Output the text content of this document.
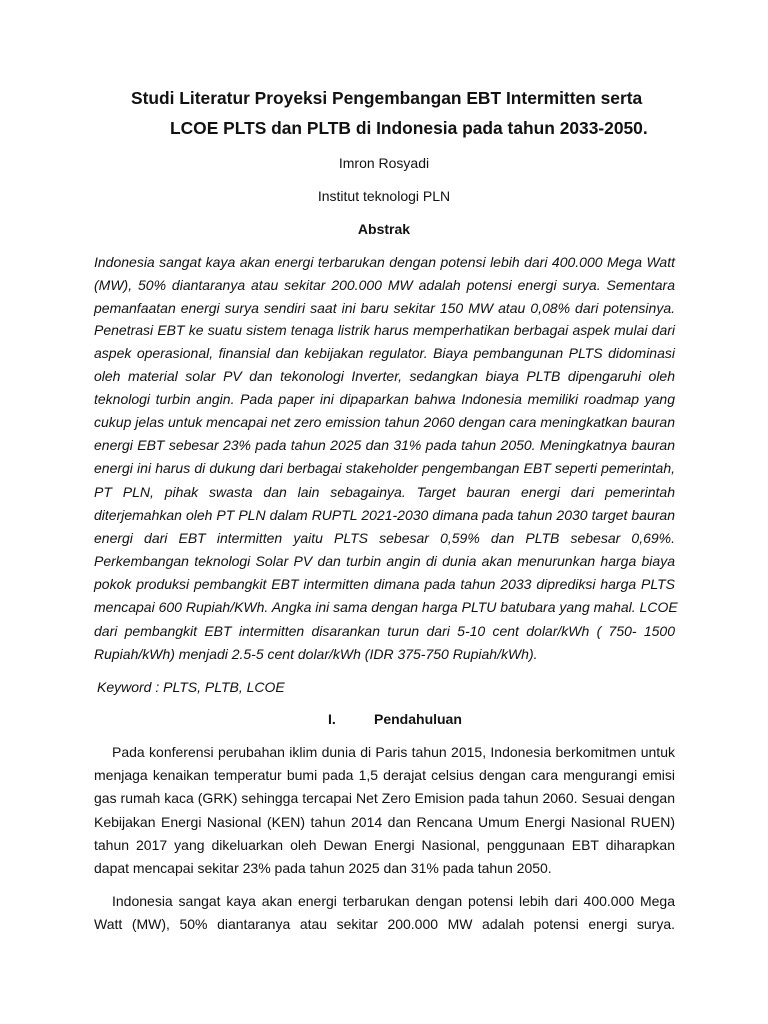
Studi Literatur Proyeksi Pengembangan EBT Intermitten serta
LCOE PLTS dan PLTB di Indonesia pada tahun 2033-2050.
Imron Rosyadi
Institut teknologi PLN
Abstrak
Indonesia sangat kaya akan energi terbarukan dengan potensi lebih dari 400.000 Mega Watt
(MW), 50% diantaranya atau sekitar 200.000 MW adalah potensi energi surya. Sementara
pemanfaatan energi surya sendiri saat ini baru sekitar 150 MW atau 0,08% dari potensinya.
Penetrasi EBT ke suatu sistem tenaga listrik harus memperhatikan berbagai aspek mulai dari
aspek operasional, finansial dan kebijakan regulator. Biaya pembangunan PLTS didominasi
oleh material solar PV dan tekonologi Inverter, sedangkan biaya PLTB dipengaruhi oleh
teknologi turbin angin. Pada paper ini dipaparkan bahwa Indonesia memiliki roadmap yang
cukup jelas untuk mencapai net zero emission tahun 2060 dengan cara meningkatkan bauran
energi EBT sebesar 23% pada tahun 2025 dan 31% pada tahun 2050. Meningkatnya bauran
energi ini harus di dukung dari berbagai stakeholder pengembangan EBT seperti pemerintah,
PT PLN, pihak swasta dan lain sebagainya. Target bauran energi dari pemerintah
diterjemahkan oleh PT PLN dalam RUPTL 2021-2030 dimana pada tahun 2030 target bauran
energi dari EBT intermitten yaitu PLTS sebesar 0,59% dan PLTB sebesar 0,69%.
Perkembangan teknologi Solar PV dan turbin angin di dunia akan menurunkan harga biaya
pokok produksi pembangkit EBT intermitten dimana pada tahun 2033 diprediksi harga PLTS
mencapai 600 Rupiah/KWh. Angka ini sama dengan harga PLTU batubara yang mahal. LCOE
dari pembangkit EBT intermitten disarankan turun dari 5-10 cent dolar/kWh ( 750- 1500
Rupiah/kWh) menjadi 2.5-5 cent dolar/kWh (IDR 375-750 Rupiah/kWh).
Keyword : PLTS, PLTB, LCOE
I.	Pendahuluan
Pada konferensi perubahan iklim dunia di Paris tahun 2015, Indonesia berkomitmen untuk
menjaga kenaikan temperatur bumi pada 1,5 derajat celsius dengan cara mengurangi emisi
gas rumah kaca (GRK) sehingga tercapai Net Zero Emision pada tahun 2060. Sesuai dengan
Kebijakan Energi Nasional (KEN) tahun 2014 dan Rencana Umum Energi Nasional RUEN)
tahun 2017 yang dikeluarkan oleh Dewan Energi Nasional, penggunaan EBT diharapkan
dapat mencapai sekitar 23% pada tahun 2025 dan 31% pada tahun 2050.
Indonesia sangat kaya akan energi terbarukan dengan potensi lebih dari 400.000 Mega
Watt (MW), 50% diantaranya atau sekitar 200.000 MW adalah potensi energi surya.
